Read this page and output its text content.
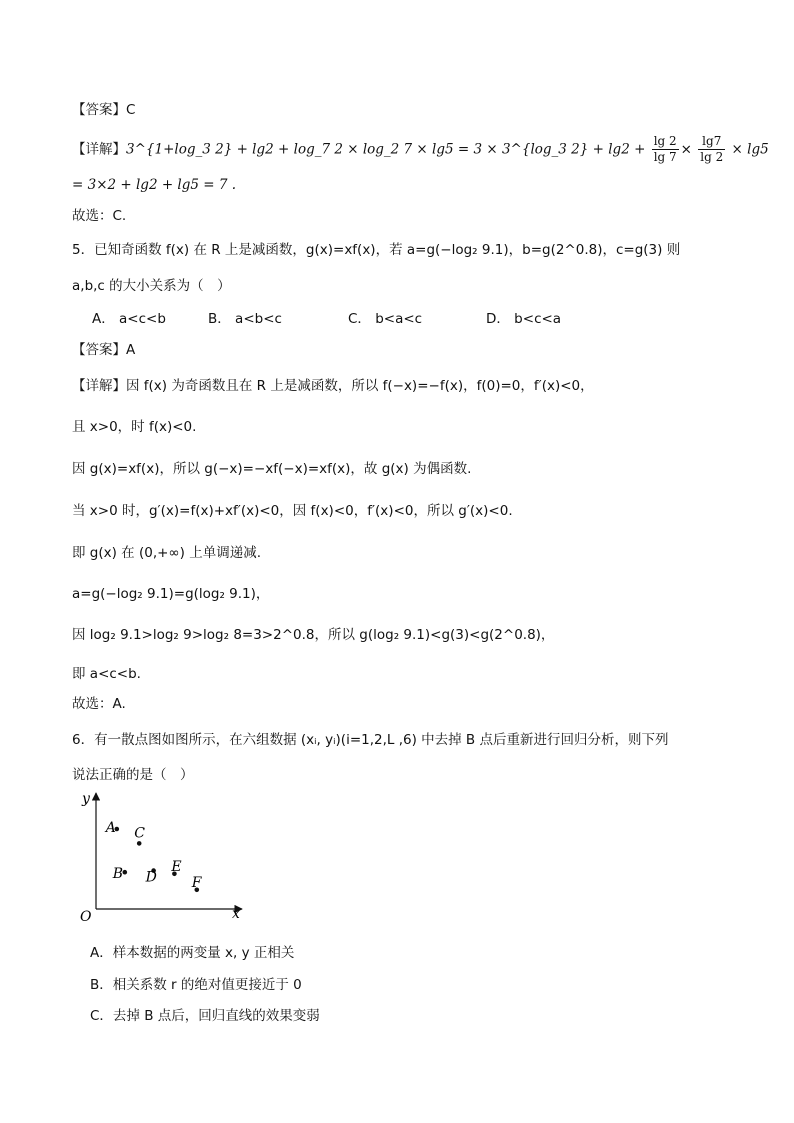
【答案】C
【详解】3^{1+log_3 2} + lg2 + log_7 2 × log_2 7 × lg5 = 3 × 3^{log_3 $2\} + \lg 2 + \frac{\lg 2}{\lg 7} \times \frac{\lg 7}{\lg 2} \times \lg 5$
= 3×2 + lg2 + lg5 = 7 .
故选：C.
5．已知奇函数 f(x) 在 R 上是减函数，g(x)=xf(x)，若 a=g(−log₂ 9.1)，b=g(2^0.8)，c=g(3) 则
a,b,c 的大小关系为（　）
A． a<c<b	B． a<b<c	C． b<a<c	D． b<c<a
【答案】A
【详解】因 f(x) 为奇函数且在 R 上是减函数，所以 f(−x)=−f(x)，f(0)=0，f′(x)<0，
且 x>0，时 f(x)<0.
因 g(x)=xf(x)，所以 g(−x)=−xf(−x)=xf(x)，故 g(x) 为偶函数.
当 x>0 时，g′(x)=f(x)+xf′(x)<0，因 f(x)<0，f′(x)<0，所以 g′(x)<0.
即 g(x) 在 (0,+∞) 上单调递减.
a=g(−log₂ 9.1)=g(log₂ 9.1)，
因 log₂ 9.1>log₂ 9>log₂ 8=3>2^0.8，所以 g(log₂ 9.1)<g(3)<g(2^0.8)，
即 a<c<b.
故选：A.
6．有一散点图如图所示，在六组数据 (xᵢ, yᵢ)(i=1,2,L ,6) 中去掉 B 点后重新进行回归分析，则下列
说法正确的是（　）
x
y
O
A C
B D
E
F
A．样本数据的两变量 x, y 正相关
B．相关系数 r 的绝对值更接近于 0
C．去掉 B 点后，回归直线的效果变弱
